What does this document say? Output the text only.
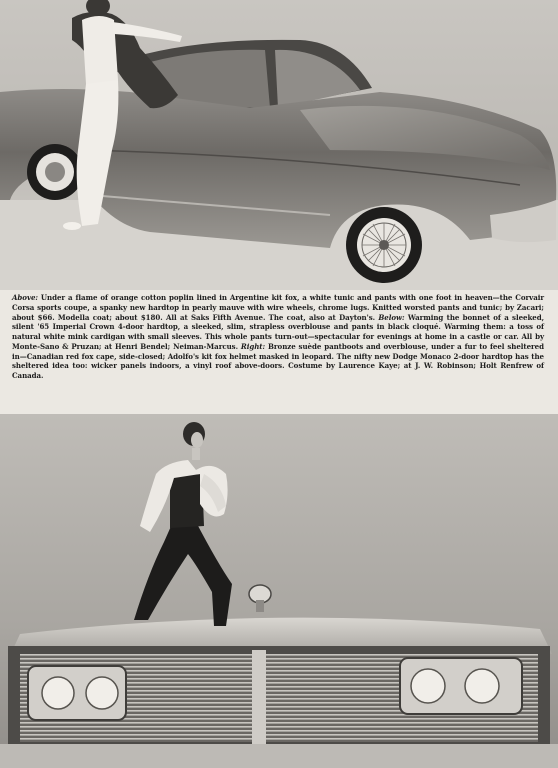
Above: Under a flame of orange cotton poplin lined in Argentine kit fox, a white tunic and pants with one foot in heaven—the Corvair Corsa sports coupe, a spanky new hardtop in pearly mauve with wire wheels, chrome lugs. Knitted worsted pants and tunic; by Zacari; about $66. Modella coat; about $180. All at Saks Fifth Avenue. The coat, also at Dayton's. Below: Warming the bonnet of a sleeked, silent '65 Imperial Crown 4-door hardtop, a sleeked, slim, strapless overblouse and pants in black cloqué. Warming them: a toss of natural white mink cardigan with small sleeves. This whole pants turn-out—spectacular for evenings at home in a castle or car. All by Monte-Sano & Pruzan; at Henri Bendel; Neiman-Marcus. Right: Bronze suède pantboots and overblouse, under a fur to feel sheltered in—Canadian red fox cape, side-closed; Adolfo's kit fox helmet masked in leopard. The nifty new Dodge Monaco 2-door hardtop has the sheltered idea too: wicker panels indoors, a vinyl roof above-doors. Costume by Laurence Kaye; at J. W. Robinson; Holt Renfrew of Canada.
